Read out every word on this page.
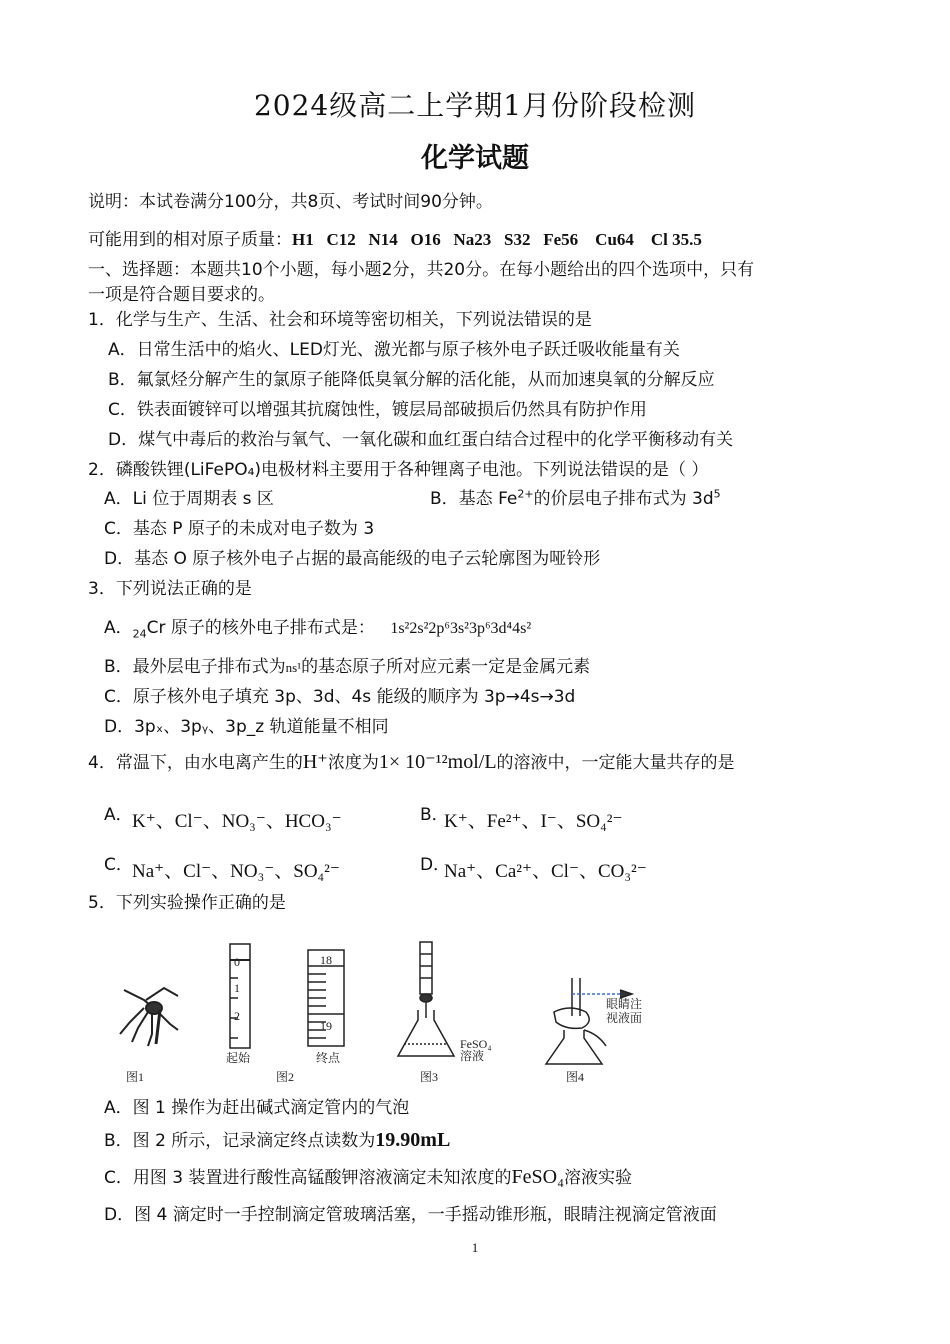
2024级高二上学期1月份阶段检测
化学试题
说明：本试卷满分100分，共8页、考试时间90分钟。
可能用到的相对原子质量：H1   C12   N14   O16   Na23   S32   Fe56    Cu64    Cl 35.5
一、选择题：本题共10个小题，每小题2分，共20分。在每小题给出的四个选项中，只有
一项是符合题目要求的。
1．化学与生产、生活、社会和环境等密切相关，下列说法错误的是
A．日常生活中的焰火、LED灯光、激光都与原子核外电子跃迁吸收能量有关
B．氟氯烃分解产生的氯原子能降低臭氧分解的活化能，从而加速臭氧的分解反应
C．铁表面镀锌可以增强其抗腐蚀性，镀层局部破损后仍然具有防护作用
D．煤气中毒后的救治与氧气、一氧化碳和血红蛋白结合过程中的化学平衡移动有关
2．磷酸铁锂(LiFePO₄)电极材料主要用于各种锂离子电池。下列说法错误的是（ ）
A．Li 位于周期表 s 区	B．基态 $Fe^{2+}$的价层电子排布式为 $3d^5$
C．基态 P 原子的未成对电子数为 3
D．基态 O 原子核外电子占据的最高能级的电子云轮廓图为哑铃形
3．下列说法正确的是
A．$_{24}$Cr 原子的核外电子排布式是： 1s²2s²2p⁶3s²3p⁶3d⁴4s²
B．最外层电子排布式为ns¹的基态原子所对应元素一定是金属元素
C．原子核外电子填充 3p、3d、4s 能级的顺序为 3p→4s→3d
D．3pₓ、3pᵧ、3p_z 轨道能量不相同
4．常温下，由水电离产生的H⁺浓度为1× 10⁻¹²mol/L的溶液中，一定能大量共存的是
A． K⁺、Cl⁻、NO₃⁻、HCO₃⁻	B．
K⁺、Fe²⁺、I⁻、SO₄²⁻
C． Na⁺、Cl⁻、NO₃⁻、SO₄²⁻	D．
Na⁺、Ca²⁺、Cl⁻、CO₃²⁻
5．下列实验操作正确的是
0
1
2
18
19
起始	终点
FeSO₄
溶液
眼睛注
视液面
图1	图2	图3	图4
A．图 1 操作为赶出碱式滴定管内的气泡
B．图 2 所示，记录滴定终点读数为19.90mL
C．用图 3 装置进行酸性高锰酸钾溶液滴定未知浓度的FeSO₄溶液实验
D．图 4 滴定时一手控制滴定管玻璃活塞，一手摇动锥形瓶，眼睛注视滴定管液面
1
